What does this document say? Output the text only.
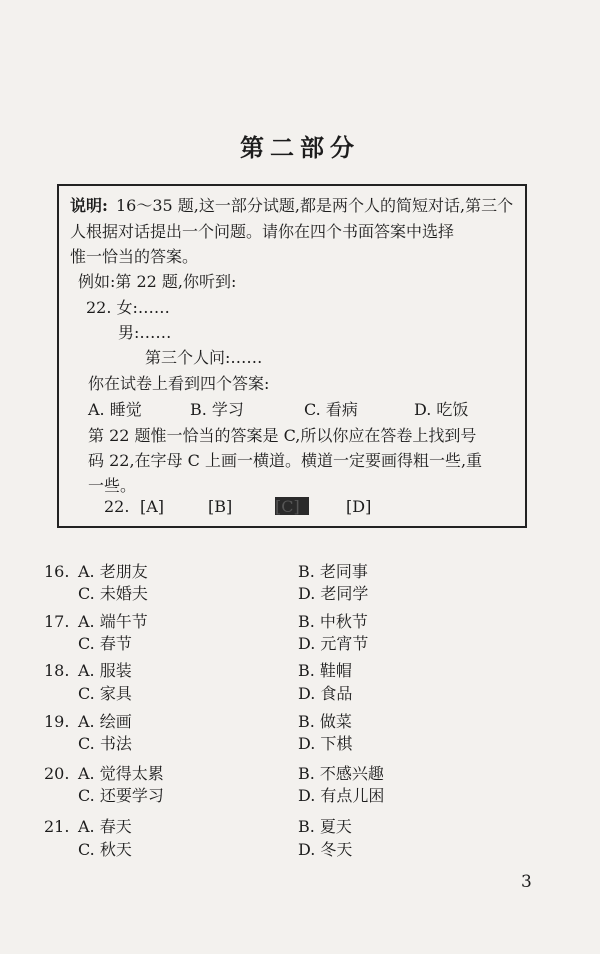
第二部分
说明: 16～35 题,这一部分试题,都是两个人的简短对话,第三个
人根据对话提出一个问题。请你在四个书面答案中选择
惟一恰当的答案。
例如:第 22 题,你听到:
22. 女:……
男:……
第三个人问:……
你在试卷上看到四个答案:
A. 睡觉	B. 学习	C. 看病	D. 吃饭
第 22 题惟一恰当的答案是 C,所以你应在答卷上找到号
码 22,在字母 C 上画一横道。横道一定要画得粗一些,重
一些。
22. [A]	[B]	[C]	[D]
16. A. 老朋友	B. 老同事
C. 未婚夫	D. 老同学
17. A. 端午节	B. 中秋节
C. 春节	D. 元宵节
18. A. 服装	B. 鞋帽
C. 家具	D. 食品
19. A. 绘画	B. 做菜
C. 书法	D. 下棋
20. A. 觉得太累	B. 不感兴趣
C. 还要学习	D. 有点儿困
21. A. 春天	B. 夏天
C. 秋天	D. 冬天
3
